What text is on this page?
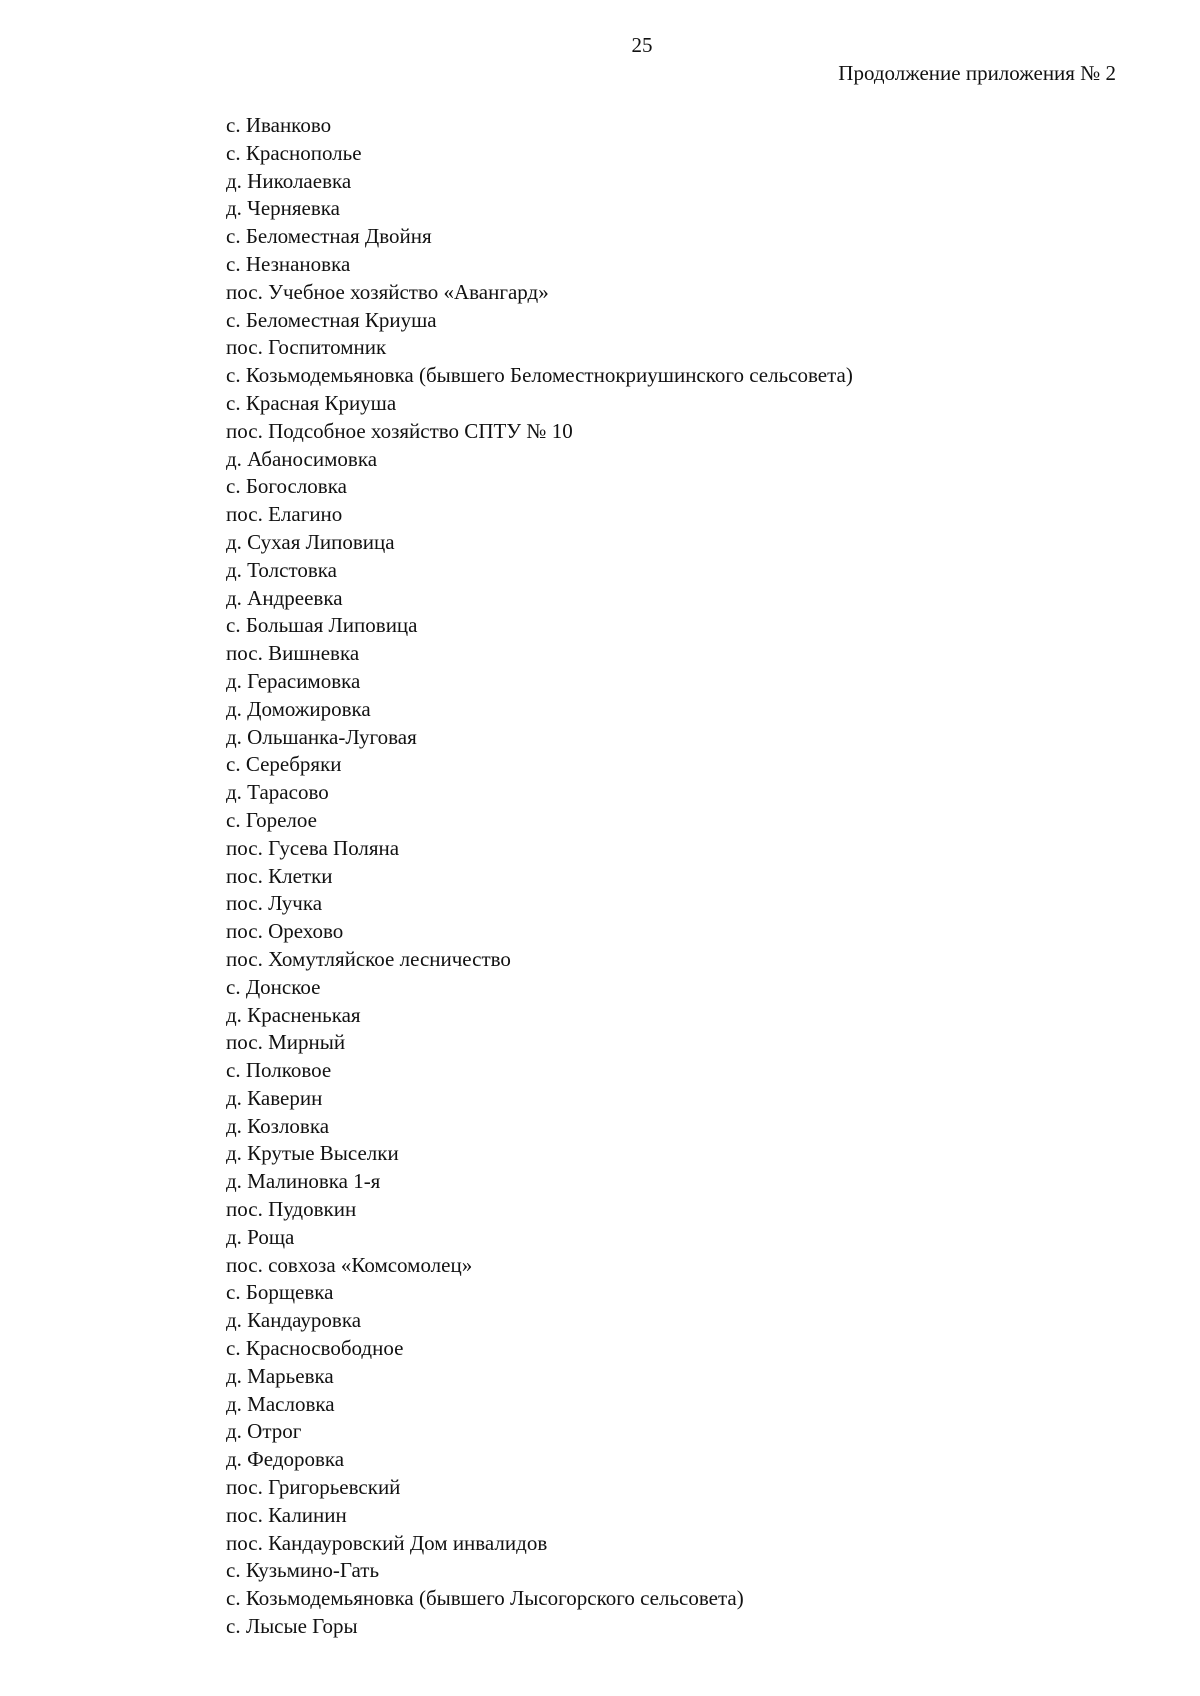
25
Продолжение приложения № 2
с. Иванково
с. Краснополье
д. Николаевка
д. Черняевка
с. Беломестная Двойня
с. Незнановка
пос. Учебное хозяйство «Авангард»
с. Беломестная Криуша
пос. Госпитомник
с. Козьмодемьяновка (бывшего Беломестнокриушинского сельсовета)
с. Красная Криуша
пос. Подсобное хозяйство СПТУ № 10
д. Абаносимовка
с. Богословка
пос. Елагино
д. Сухая Липовица
д. Толстовка
д. Андреевка
с. Большая Липовица
пос. Вишневка
д. Герасимовка
д. Доможировка
д. Ольшанка-Луговая
с. Серебряки
д. Тарасово
с. Горелое
пос. Гусева Поляна
пос. Клетки
пос. Лучка
пос. Орехово
пос. Хомутляйское лесничество
с. Донское
д. Красненькая
пос. Мирный
с. Полковое
д. Каверин
д. Козловка
д. Крутые Выселки
д. Малиновка 1-я
пос. Пудовкин
д. Роща
пос. совхоза «Комсомолец»
с. Борщевка
д. Кандауровка
с. Красносвободное
д. Марьевка
д. Масловка
д. Отрог
д. Федоровка
пос. Григорьевский
пос. Калинин
пос. Кандауровский Дом инвалидов
с. Кузьмино-Гать
с. Козьмодемьяновка (бывшего Лысогорского сельсовета)
с. Лысые Горы
